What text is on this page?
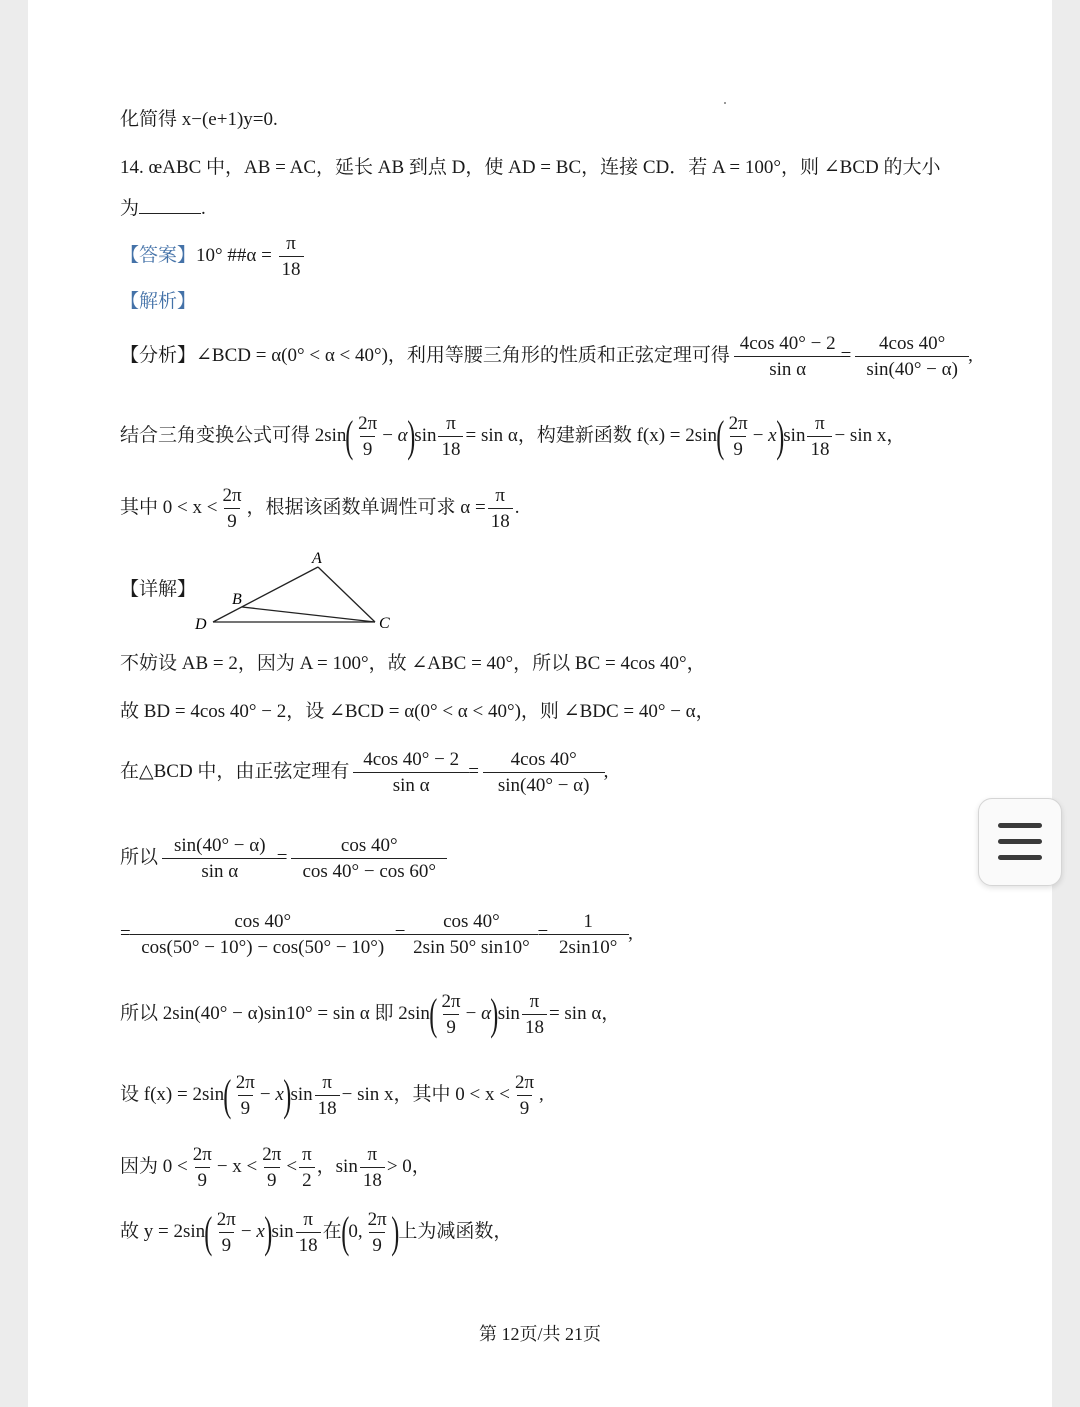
化简得 x−(e+1)y=0.
14. œABC 中，AB = AC，延长 AB 到点 D，使 AD = BC，连接 CD．若 A = 100°，则 ∠BCD 的大小
为	.
【答案】10° ##α = $\frac{\pi}{18}$
【解析】
【分析】∠BCD = α(0° < α < 40°)，利用等腰三角形的性质和正弦定理可得 $\frac{4\cos 40^\circ - 2}{\text{sin α}} = \frac{4\cos 40^\circ}{\sin(40^\circ - \alpha)}$ ,
结合三角变换公式可得 $2\sin( \frac{2\pi}{9} - \alpha)\sin \frac{\pi}{18} = \sin \alpha$，构建新函数 $f(x) = 2\sin( \frac{2\pi}{9} - x)\sin \frac{\pi}{18} - \sin x$，
其中 $0 < x < \frac{2\pi}{9}$ ，根据该函数单调性可求 $\alpha = \frac{\pi}{18}$ .
【详解】
A
B
C
D
不妨设 AB = 2，因为 A = 100°，故 ∠ABC = 40°，所以 BC = 4cos 40°，
故 BD = 4cos 40° − 2，设 ∠BCD = α(0° < α < 40°)，则 ∠BDC = 40° − α，
在△BCD 中，由正弦定理有 $\frac{4\cos 40^\circ - 2}{\text{sin α}} = \frac{4\cos 40^\circ}{\sin(40^\circ - \alpha)}$ ,
所以 $\frac{\sin(40^\circ - \alpha)}{\text{sin α}} = \frac{\cos 40^\circ}{\cos 40^\circ - \cos 60^\circ}$
= $\frac{\cos 40^\circ}{\cos(50^\circ - 10^\circ) - \cos(50^\circ - 10^\circ)} = \frac{\cos 40^\circ}{2\sin 50^\circ \sin 10^\circ} = \frac{1}{2\sin 10^\circ}$ ,
所以 2sin(40° − α)sin10° = sin α 即 $2\sin( \frac{2\pi}{9} - \alpha)\sin \frac{\pi}{18} = \sin \alpha$，
设 $f(x) = 2\sin( \frac{2\pi}{9} - x)\sin \frac{\pi}{18} - \sin x$，其中 $0 < x < \frac{2\pi}{9}$ ,
因为 $0 < \frac{2\pi}{9} - x < \frac{2\pi}{9} < \frac{\pi}{2}$ ，$\sin \frac{\pi}{18} > 0$，
故 $y = 2\sin( \frac{2\pi}{9} - x)\sin \frac{\pi}{18}$ 在(0, $\frac{2\pi}{9}$ )上为减函数，
第 12页/共 21页
